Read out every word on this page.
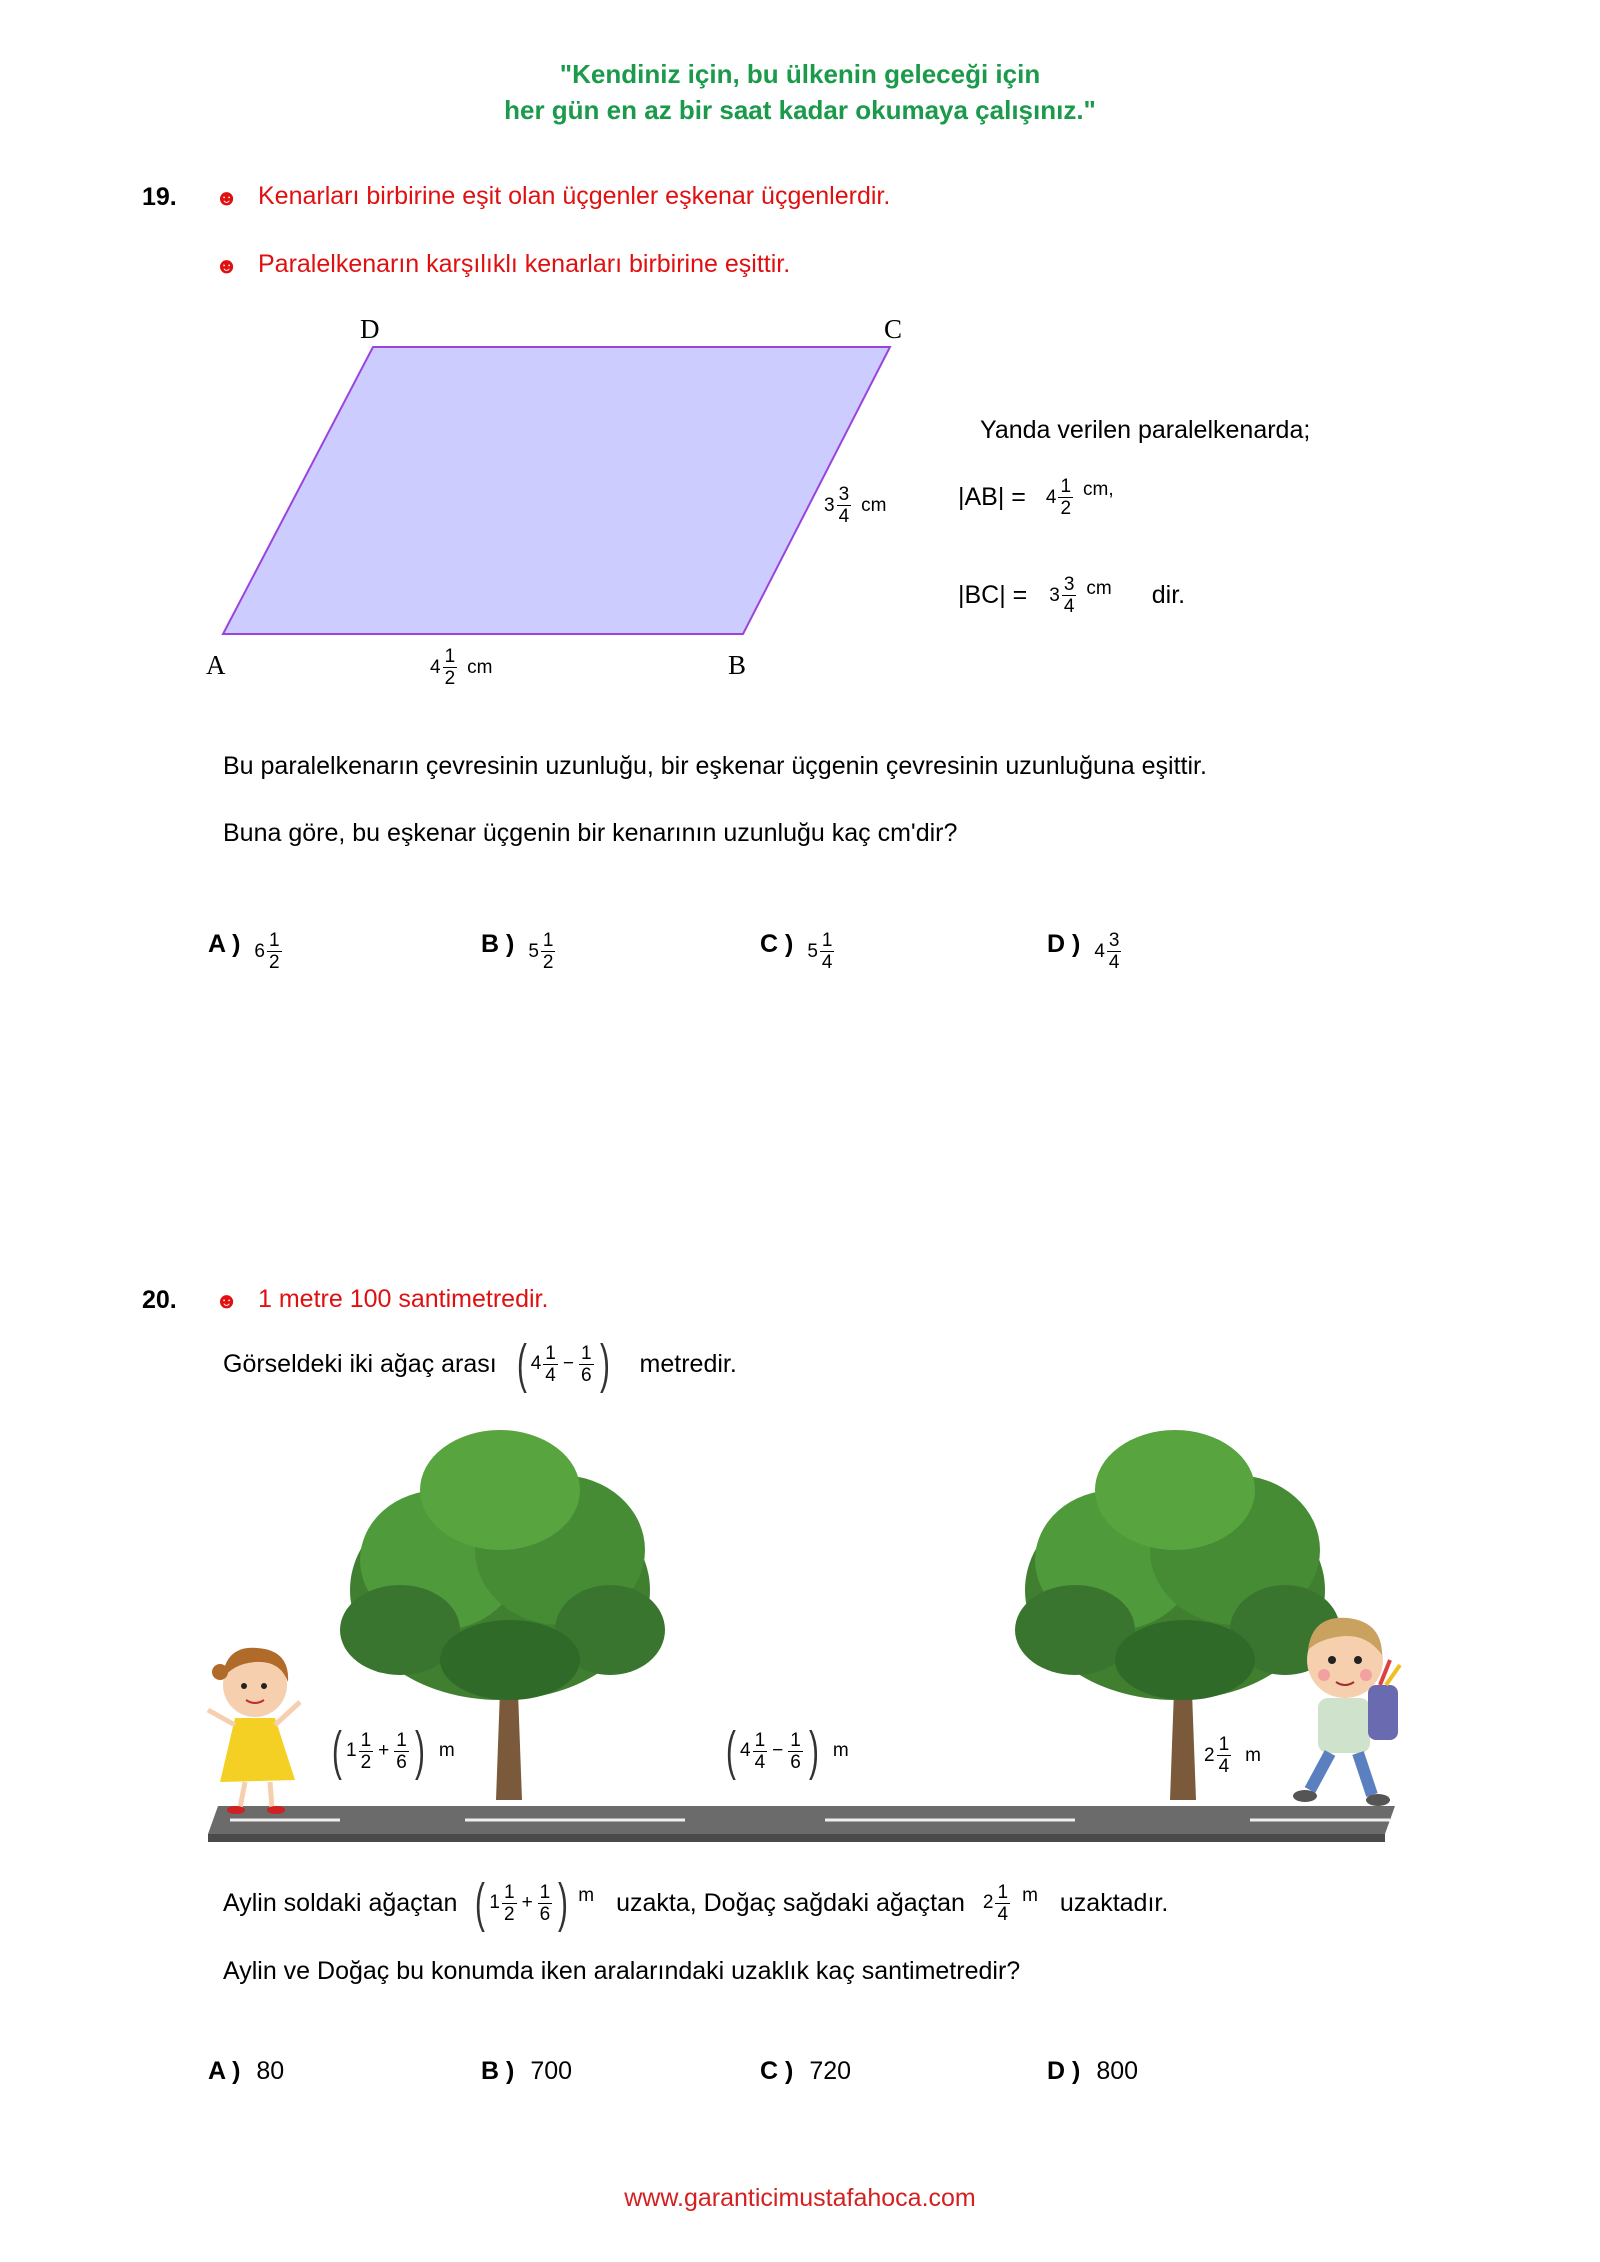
"Kendiniz için, bu ülkenin geleceği için
her gün en az bir saat kadar okumaya çalışınız."
19. ☻ Kenarları birbirine eşit olan üçgenler eşkenar üçgenlerdir.
☻ Paralelkenarın karşılıklı kenarları birbirine eşittir.
D	C
A	B
$4 \frac{1}{2}$ cm
$3 \frac{3}{4}$ cm
Yanda verilen paralelkenarda;
$|AB| = 4 \frac{1}{2}$ cm,
$|BC| = 3 \frac{3}{4}$ cm dir.
Bu paralelkenarın çevresinin uzunluğu, bir eşkenar üçgenin çevresinin uzunluğuna eşittir.
Buna göre, bu eşkenar üçgenin bir kenarının uzunluğu kaç cm'dir?
A ) $6 \frac{1}{2}$	B ) $5 \frac{1}{2}$	C ) $5 \frac{1}{4}$	D ) $4 \frac{3}{4}$
20. ☻ 1 metre 100 santimetredir.
Görseldeki iki ağaç arası ( $4 \frac{1}{4} - \frac{1}{6}$ ) metredir.
( $1 \frac{1}{2} + \frac{1}{6}$ ) m	( $4 \frac{1}{4} - \frac{1}{6}$ ) m	$2 \frac{1}{4}$ m
Aylin soldaki ağaçtan ( $1 \frac{1}{2} + \frac{1}{6}$ ) m uzakta, Doğaç sağdaki ağaçtan $2 \frac{1}{4}$ m uzaktadır.
Aylin ve Doğaç bu konumda iken aralarındaki uzaklık kaç santimetredir?
A ) 80	B ) 700	C ) 720	D ) 800
www.garanticimustafahoca.com
